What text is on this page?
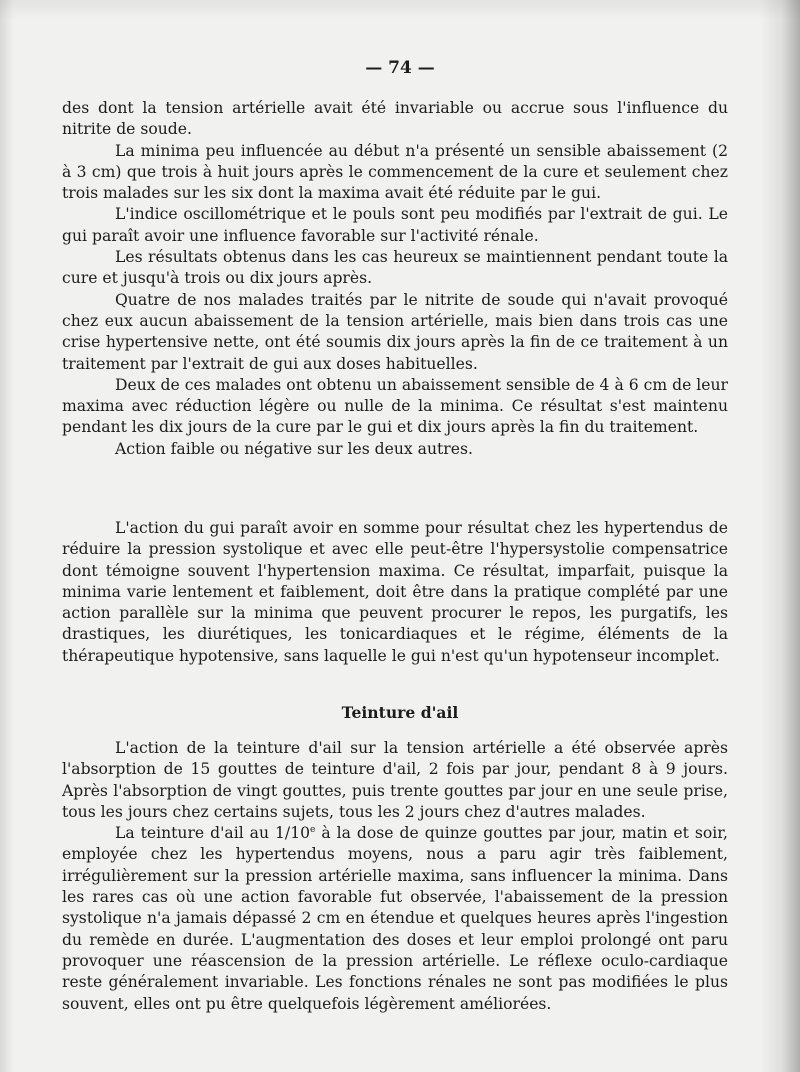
— 74 —

des dont la tension artérielle avait été invariable ou accrue sous l'influence du nitrite de soude.

La minima peu influencée au début n'a présenté un sensible abaissement (2 à 3 cm) que trois à huit jours après le commencement de la cure et seulement chez trois malades sur les six dont la maxima avait été réduite par le gui.

L'indice oscillométrique et le pouls sont peu modifiés par l'extrait de gui. Le gui paraît avoir une influence favorable sur l'activité rénale.

Les résultats obtenus dans les cas heureux se maintiennent pendant toute la cure et jusqu'à trois ou dix jours après.

Quatre de nos malades traités par le nitrite de soude qui n'avait provoqué chez eux aucun abaissement de la tension artérielle, mais bien dans trois cas une crise hypertensive nette, ont été soumis dix jours après la fin de ce traitement à un traitement par l'extrait de gui aux doses habituelles.

Deux de ces malades ont obtenu un abaissement sensible de 4 à 6 cm de leur maxima avec réduction légère ou nulle de la minima. Ce résultat s'est maintenu pendant les dix jours de la cure par le gui et dix jours après la fin du traitement.

Action faible ou négative sur les deux autres.

L'action du gui paraît avoir en somme pour résultat chez les hypertendus de réduire la pression systolique et avec elle peut-être l'hypersystolie compensatrice dont témoigne souvent l'hypertension maxima. Ce résultat, imparfait, puisque la minima varie lentement et faiblement, doit être dans la pratique complété par une action parallèle sur la minima que peuvent procurer le repos, les purgatifs, les drastiques, les diurétiques, les tonicardiaques et le régime, éléments de la thérapeutique hypotensive, sans laquelle le gui n'est qu'un hypotenseur incomplet.

Teinture d'ail

L'action de la teinture d'ail sur la tension artérielle a été observée après l'absorption de 15 gouttes de teinture d'ail, 2 fois par jour, pendant 8 à 9 jours. Après l'absorption de vingt gouttes, puis trente gouttes par jour en une seule prise, tous les jours chez certains sujets, tous les 2 jours chez d'autres malades.

La teinture d'ail au 1/10e à la dose de quinze gouttes par jour, matin et soir, employée chez les hypertendus moyens, nous a paru agir très faiblement, irrégulièrement sur la pression artérielle maxima, sans influencer la minima. Dans les rares cas où une action favorable fut observée, l'abaissement de la pression systolique n'a jamais dépassé 2 cm en étendue et quelques heures après l'ingestion du remède en durée. L'augmentation des doses et leur emploi prolongé ont paru provoquer une réascension de la pression artérielle. Le réflexe oculo-cardiaque reste généralement invariable. Les fonctions rénales ne sont pas modifiées le plus souvent, elles ont pu être quelquefois légèrement améliorées.
